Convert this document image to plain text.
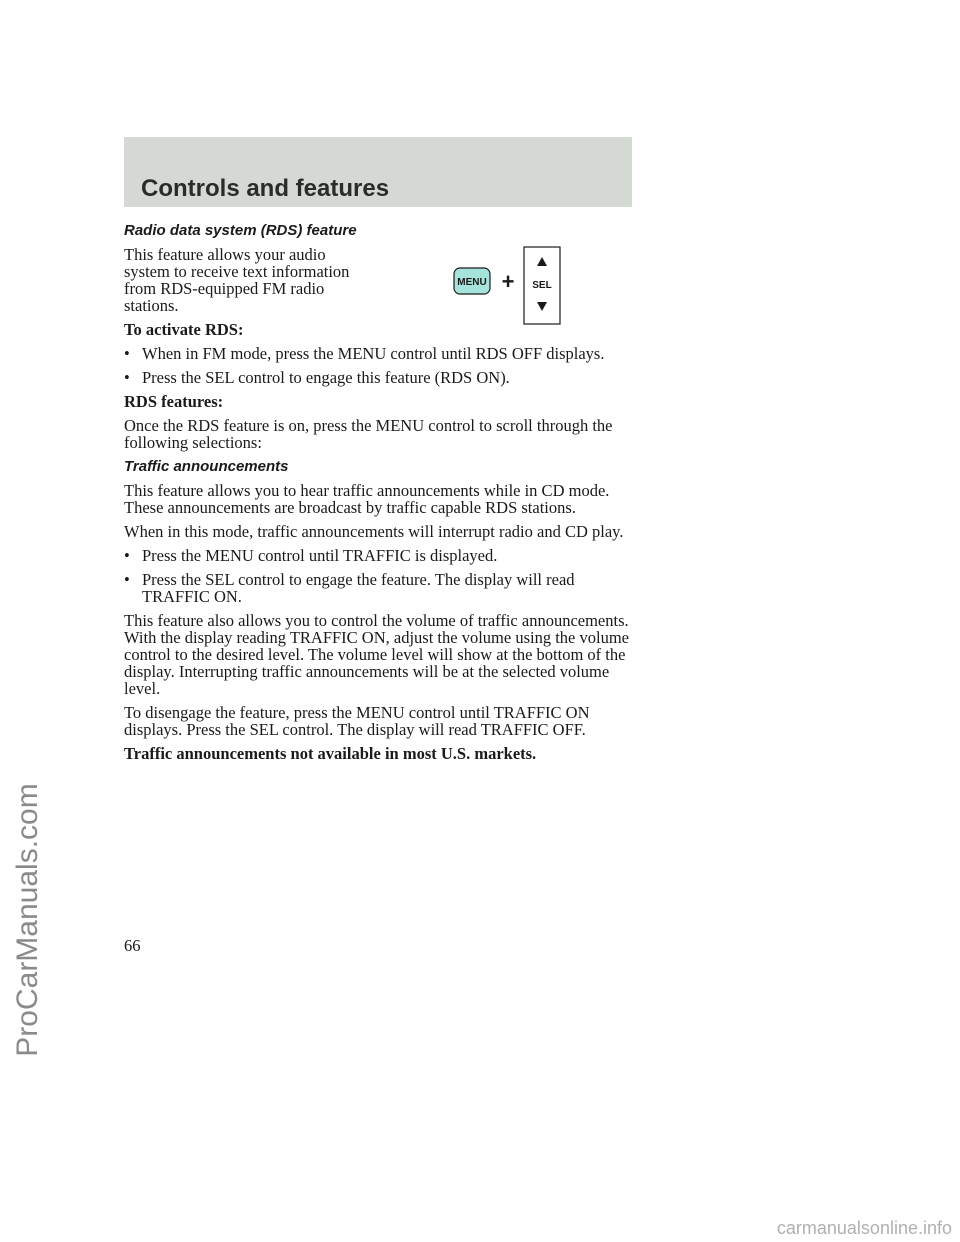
Controls and features

Radio data system (RDS) feature

This feature allows your audio system to receive text information from RDS-equipped FM radio stations.

To activate RDS:

• When in FM mode, press the MENU control until RDS OFF displays.
• Press the SEL control to engage this feature (RDS ON).

RDS features:

Once the RDS feature is on, press the MENU control to scroll through the following selections:

Traffic announcements

This feature allows you to hear traffic announcements while in CD mode. These announcements are broadcast by traffic capable RDS stations.

When in this mode, traffic announcements will interrupt radio and CD play.

• Press the MENU control until TRAFFIC is displayed.
• Press the SEL control to engage the feature. The display will read TRAFFIC ON.

This feature also allows you to control the volume of traffic announcements. With the display reading TRAFFIC ON, adjust the volume using the volume control to the desired level. The volume level will show at the bottom of the display. Interrupting traffic announcements will be at the selected volume level.

To disengage the feature, press the MENU control until TRAFFIC ON displays. Press the SEL control. The display will read TRAFFIC OFF.

Traffic announcements not available in most U.S. markets.

MENU + SEL
ProCarManuals.com	66
carmanualsonline.info
